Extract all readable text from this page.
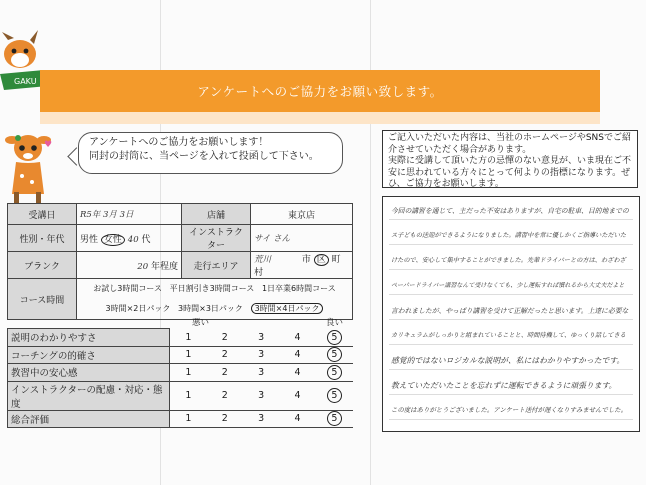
GAKU
アンケートへのご協力をお願い致します。
♥	アンケートへのご協力をお願いします！
同封の封筒に、当ページを入れて投函して下さい。
受講日	R5年 3月 3日	店舗	東京店
性別・年代	男性 女性 40 代	インストラクター	サイ さん
ブランク	20 年程度	走行エリア	荒川 市 区 町 村
コース時間	お試し3時間コース 平日割引き3時間コース 1日卒業6時間コース
3時間×2日パック 3時間×3日パック 3時間×4日パック		
悪い	良い
説明のわかりやすさ	1	2	3	4	5
コーチングの的確さ	1	2	3	4	5
教習中の安心感	1	2	3	4	5
インストラクターの配慮・対応・態度	1	2	3	4	5
総合評価	1	2	3	4	5
ご記入いただいた内容は、当社のホームページやSNSでご紹
介させていただく場合があります。
実際に受講して頂いた方の忌憚のない意見が、いま現在ご不
安に思われている方々にとって何よりの指標になります。ぜ
ひ、ご協力をお願いします。
今回の講習を通じて、主だった不安はありますが、自宅の駐車、目的地までの
ス子どもの送迎ができるようになりました。講習中を常に優しかくご指導いただいた
けたので、安心して集中することができました。先輩ドライバーとの方は、わざわざ
ペーパードライバー講習なんて受けなくても、少し運転すれば慣れるから大丈夫だよと
言われましたが、やっぱり講習を受けて正解だったと思います。上達に必要な
カリキュラムがしっかりと組まれていることと、時間待機して、ゆっくり話してきる
感覚的ではないロジカルな説明が、私にはわかりやすかったです。
教えていただいたことを忘れずに運転できるように頑張ります。
この度はありがとうございました。アンケート送付が遅くなりすみませんでした。
